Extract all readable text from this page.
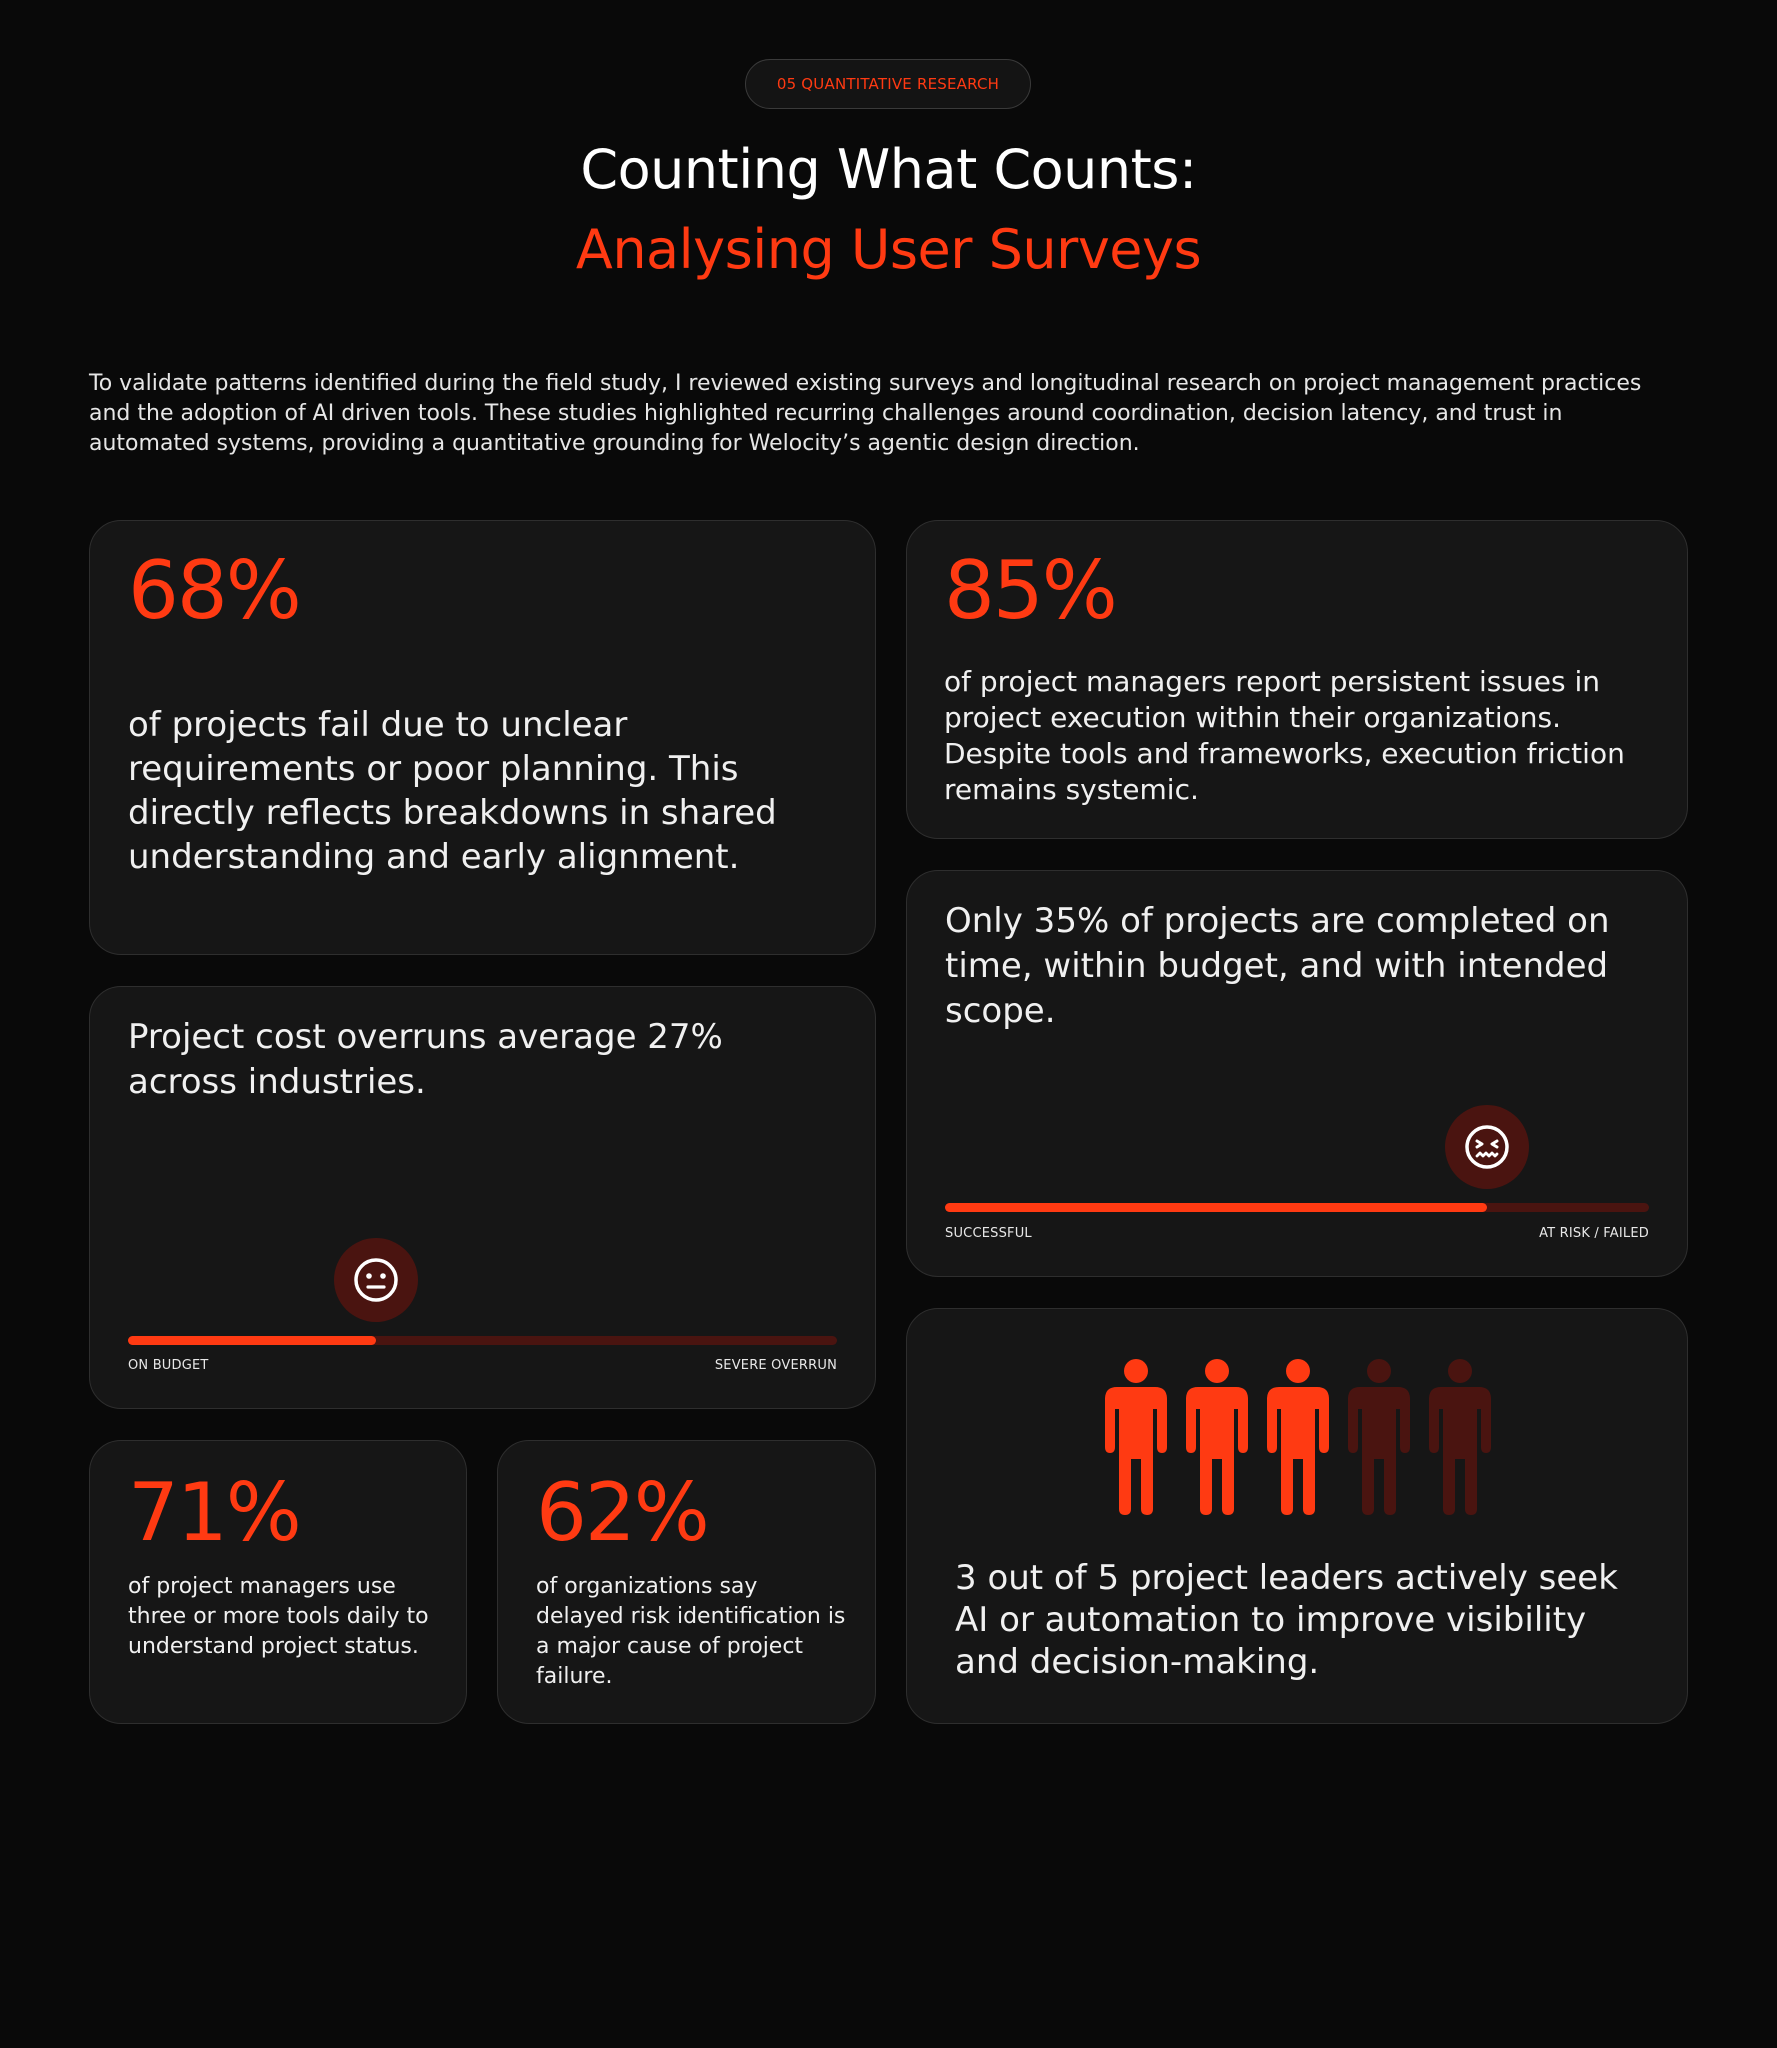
05 QUANTITATIVE RESEARCH
Counting What Counts:
Analysing User Surveys

To validate patterns identified during the field study, I reviewed existing surveys and longitudinal research on project management practices and the adoption of AI driven tools. These studies highlighted recurring challenges around coordination, decision latency, and trust in automated systems, providing a quantitative grounding for Welocity’s agentic design direction.

68%

of projects fail due to unclear requirements or poor planning. This directly reflects breakdowns in shared understanding and early alignment.

85%

of project managers report persistent issues in project execution within their organizations. Despite tools and frameworks, execution friction remains systemic.

Only 35% of projects are completed on time, within budget, and with intended scope.

SUCCESSFUL	AT RISK / FAILED

Project cost overruns average 27% across industries.

ON BUDGET	SEVERE OVERRUN

71%

of project managers use three or more tools daily to understand project status.

62%

of organizations say delayed risk identification is a major cause of project failure.

3 out of 5 project leaders actively seek AI or automation to improve visibility and decision-making.
